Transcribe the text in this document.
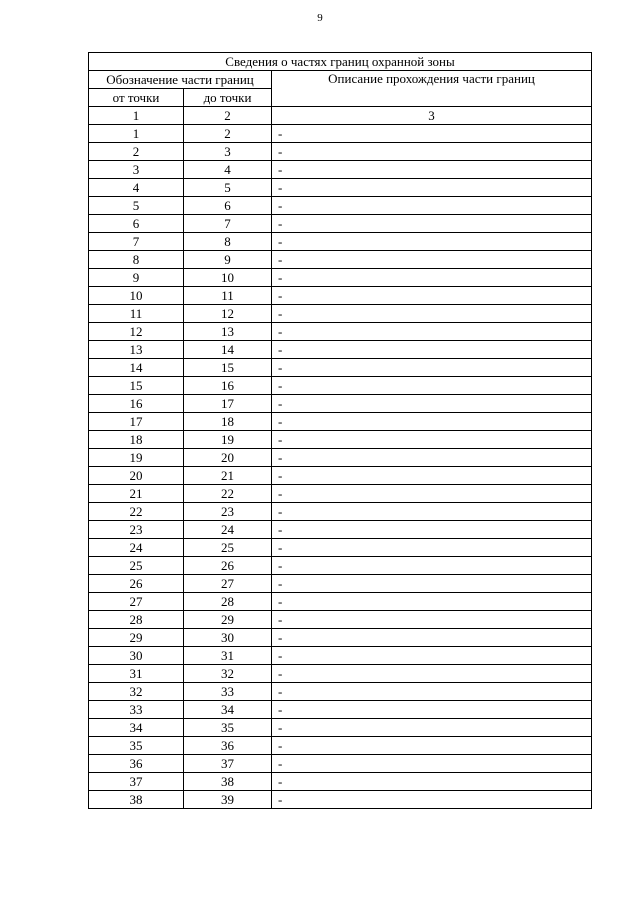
9
Сведения о частях границ охранной зоны		
Обозначение части границ		Описание прохождения части границ
от точки	до точки	
1	2	3
1	2	-
2	3	-
3	4	-
4	5	-
5	6	-
6	7	-
7	8	-
8	9	-
9	10	-
10	11	-
11	12	-
12	13	-
13	14	-
14	15	-
15	16	-
16	17	-
17	18	-
18	19	-
19	20	-
20	21	-
21	22	-
22	23	-
23	24	-
24	25	-
25	26	-
26	27	-
27	28	-
28	29	-
29	30	-
30	31	-
31	32	-
32	33	-
33	34	-
34	35	-
35	36	-
36	37	-
37	38	-
38	39	-
